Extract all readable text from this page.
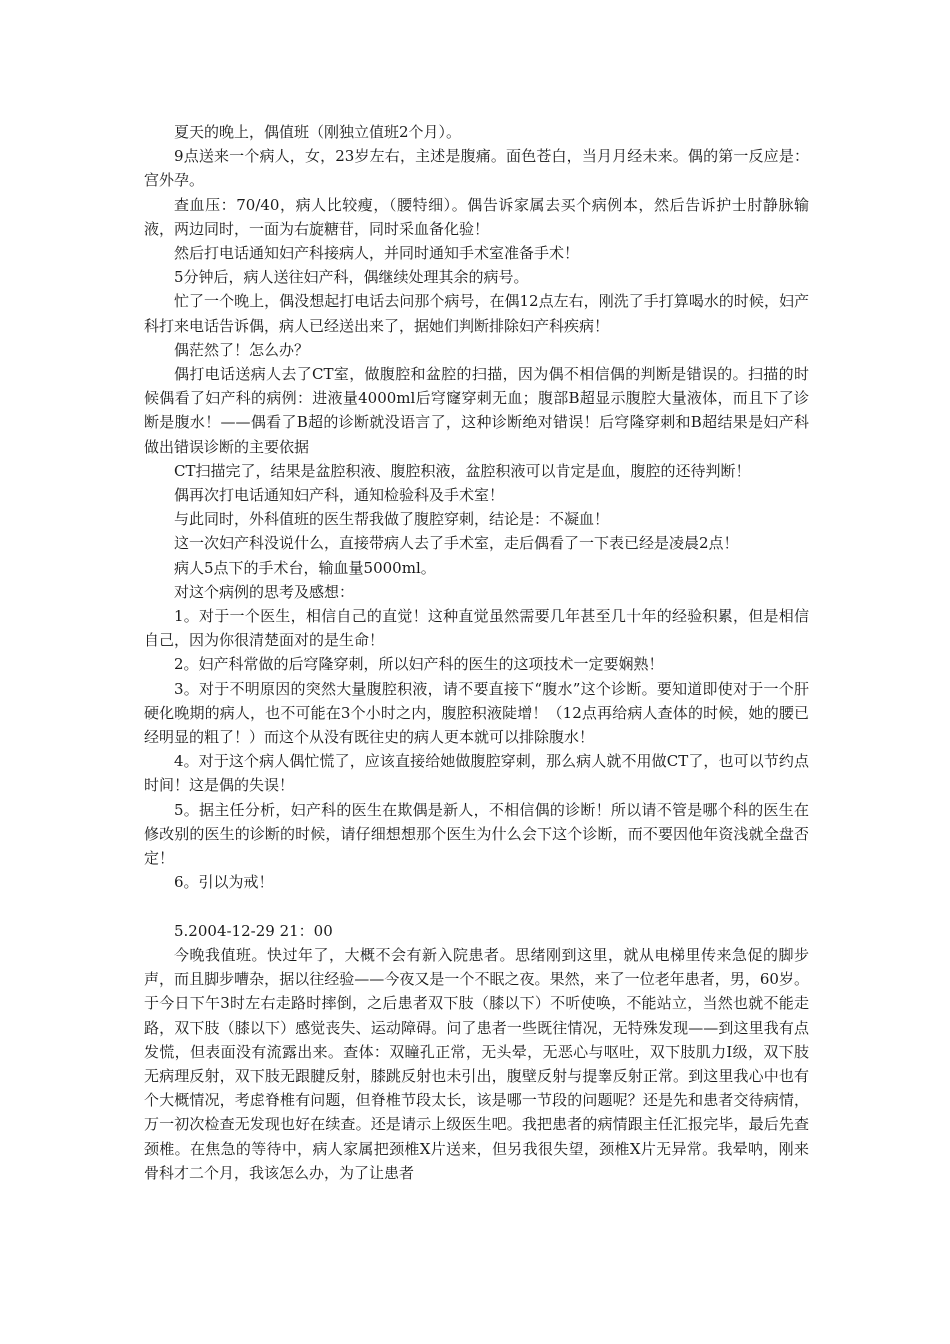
夏天的晚上，偶值班（刚独立值班2个月）。

9点送来一个病人，女，23岁左右，主述是腹痛。面色苍白，当月月经未来。偶的第一反应是：宫外孕。

查血压：70/40，病人比较瘦，（腰特细）。偶告诉家属去买个病例本，然后告诉护士肘静脉输液，两边同时，一面为右旋糖苷，同时采血备化验！

然后打电话通知妇产科接病人，并同时通知手术室准备手术！

5分钟后，病人送往妇产科，偶继续处理其余的病号。

忙了一个晚上，偶没想起打电话去问那个病号，在偶12点左右，刚洗了手打算喝水的时候，妇产科打来电话告诉偶，病人已经送出来了，据她们判断排除妇产科疾病！

偶茫然了！怎么办？

偶打电话送病人去了CT室，做腹腔和盆腔的扫描，因为偶不相信偶的判断是错误的。扫描的时候偶看了妇产科的病例：进液量4000ml后穹窿穿刺无血；腹部B超显示腹腔大量液体，而且下了诊断是腹水！——偶看了B超的诊断就没语言了，这种诊断绝对错误！后穹隆穿刺和B超结果是妇产科做出错误诊断的主要依据

CT扫描完了，结果是盆腔积液、腹腔积液，盆腔积液可以肯定是血，腹腔的还待判断！

偶再次打电话通知妇产科，通知检验科及手术室！

与此同时，外科值班的医生帮我做了腹腔穿刺，结论是：不凝血！

这一次妇产科没说什么，直接带病人去了手术室，走后偶看了一下表已经是凌晨2点！

病人5点下的手术台，输血量5000ml。

对这个病例的思考及感想：

1。对于一个医生，相信自己的直觉！这种直觉虽然需要几年甚至几十年的经验积累，但是相信自己，因为你很清楚面对的是生命！

2。妇产科常做的后穹隆穿刺，所以妇产科的医生的这项技术一定要娴熟！

3。对于不明原因的突然大量腹腔积液，请不要直接下“腹水”这个诊断。要知道即使对于一个肝硬化晚期的病人，也不可能在3个小时之内，腹腔积液陡增！（12点再给病人查体的时候，她的腰已经明显的粗了！）而这个从没有既往史的病人更本就可以排除腹水！

4。对于这个病人偶忙慌了，应该直接给她做腹腔穿刺，那么病人就不用做CT了，也可以节约点时间！这是偶的失误！

5。据主任分析，妇产科的医生在欺偶是新人，不相信偶的诊断！所以请不管是哪个科的医生在修改别的医生的诊断的时候，请仔细想想那个医生为什么会下这个诊断，而不要因他年资浅就全盘否定！

6。引以为戒！

5.2004-12-29 21：00

今晚我值班。快过年了，大概不会有新入院患者。思绪刚到这里，就从电梯里传来急促的脚步声，而且脚步嘈杂，据以往经验——今夜又是一个不眠之夜。果然，来了一位老年患者，男，60岁。于今日下午3时左右走路时摔倒，之后患者双下肢（膝以下）不听使唤，不能站立，当然也就不能走路，双下肢（膝以下）感觉丧失、运动障碍。问了患者一些既往情况，无特殊发现——到这里我有点发慌，但表面没有流露出来。查体：双瞳孔正常，无头晕，无恶心与呕吐，双下肢肌力I级，双下肢无病理反射，双下肢无跟腱反射，膝跳反射也未引出，腹壁反射与提睾反射正常。到这里我心中也有个大概情况，考虑脊椎有问题，但脊椎节段太长，该是哪一节段的问题呢？还是先和患者交待病情，万一初次检查无发现也好在续查。还是请示上级医生吧。我把患者的病情跟主任汇报完毕，最后先查颈椎。在焦急的等待中，病人家属把颈椎X片送来，但另我很失望，颈椎X片无异常。我晕呐，刚来骨科才二个月，我该怎么办，为了让患者
